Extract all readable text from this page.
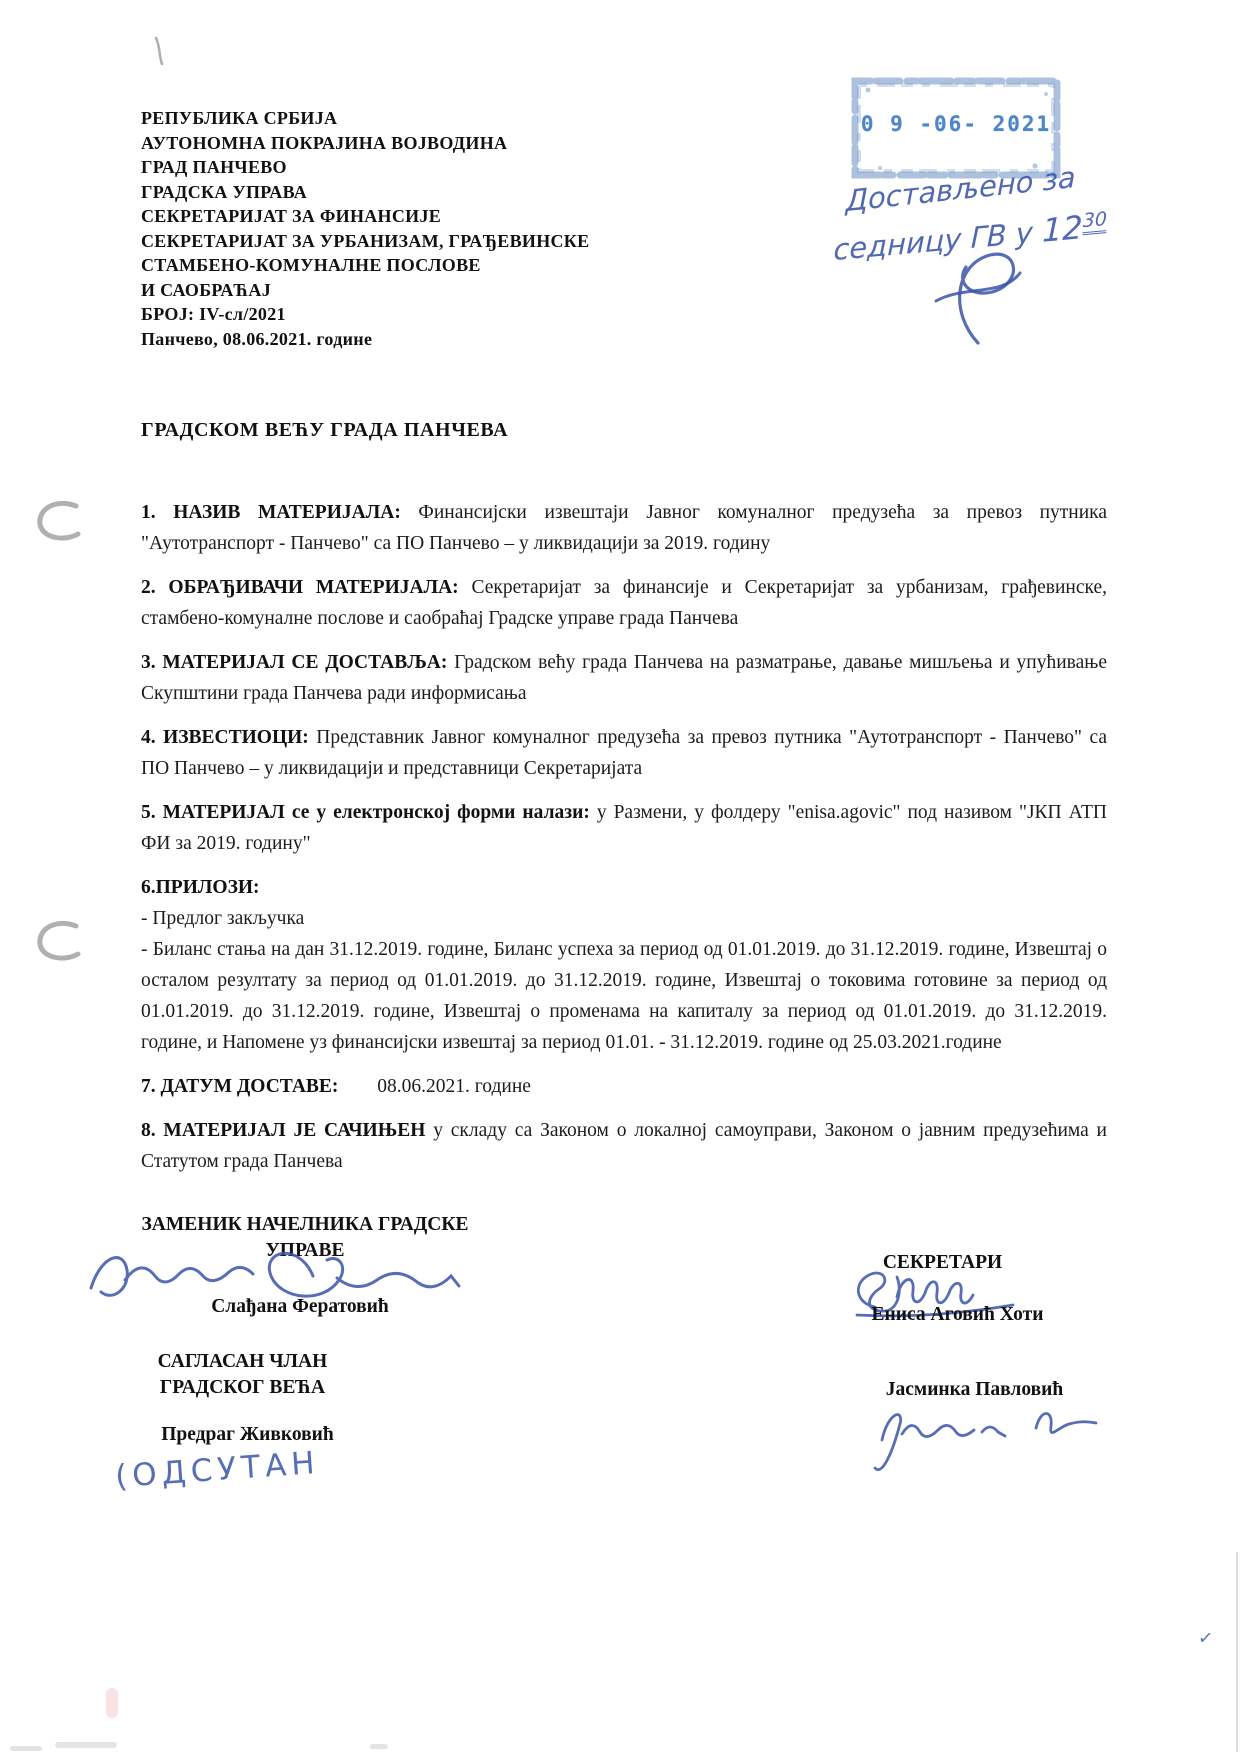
РЕПУБЛИКА СРБИЈА
АУТОНОМНА ПОКРАЈИНА ВОЈВОДИНА
ГРАД ПАНЧЕВО
ГРАДСКА УПРАВА
СЕКРЕТАРИЈАТ ЗА ФИНАНСИЈЕ
СЕКРЕТАРИЈАТ ЗА УРБАНИЗАМ, ГРАЂЕВИНСКЕ
СТАМБЕНО-КОМУНАЛНЕ ПОСЛОВЕ
И САОБРАЋАЈ
БРОЈ: IV-сл/2021
Панчево, 08.06.2021. године
0 9 -06- 2021
Достављено за
седницу ГВ у $12^{30}$
ГРАДСКОМ ВЕЋУ ГРАДА ПАНЧЕВА

1. НАЗИВ МАТЕРИЈАЛА: Финансијски извештаји Јавног комуналног предузећа за превоз путника "Аутотранспорт - Панчево" са ПО Панчево – у ликвидацији за 2019. годину

2. ОБРАЂИВАЧИ МАТЕРИЈАЛА: Секретаријат за финансије и Секретаријат за урбанизам, грађевинске, стамбено-комуналне послове и саобраћај Градске управе града Панчева

3. МАТЕРИЈАЛ СЕ ДОСТАВЉА: Градском већу града Панчева на разматрање, давање мишљења и упућивање Скупштини града Панчева ради информисања

4. ИЗВЕСТИОЦИ: Представник Јавног комуналног предузећа за превоз путника "Аутотранспорт - Панчево" са ПО Панчево – у ликвидацији и представници Секретаријата

5. МАТЕРИЈАЛ се у електронској форми налази: у Размени, у фолдеру "enisa.agovic" под називом "ЈКП АТП ФИ за 2019. годину"

6.ПРИЛОЗИ:

- Предлог закључка

- Биланс стања на дан 31.12.2019. године, Биланс успеха за период од 01.01.2019. до 31.12.2019. године, Извештај о осталом резултату за период од 01.01.2019. до 31.12.2019. године, Извештај о токовима готовине за период од 01.01.2019. до 31.12.2019. године, Извештај о променама на капиталу за период од 01.01.2019. до 31.12.2019. године, и Напомене уз финансијски извештај за период 01.01. - 31.12.2019. године од 25.03.2021.године

7. ДАТУМ ДОСТАВЕ: 08.06.2021. године

8. МАТЕРИЈАЛ ЈЕ САЧИЊЕН у складу са Законом о локалној самоуправи, Законом о јавним предузећима и Статутом града Панчева

ЗАМЕНИК НАЧЕЛНИКА ГРАДСКЕ
УПРАВЕ
Слађана Фератовић
САГЛАСАН ЧЛАН
ГРАДСКОГ ВЕЋА
Предраг Живковић
(ОДСУТАН
СЕКРЕТАРИ
Ениса Аговић Хоти
Јасминка Павловић
✓
